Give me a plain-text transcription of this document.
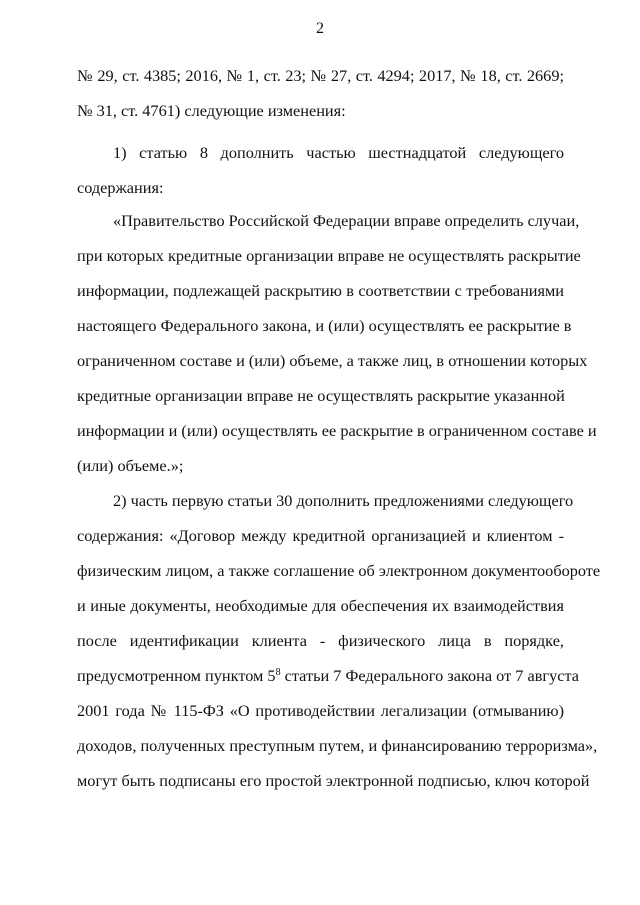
2
№ 29, ст. 4385; 2016, № 1, ст. 23; № 27, ст. 4294; 2017, № 18, ст. 2669;
№ 31, ст. 4761) следующие изменения:
1) статью 8 дополнить частью шестнадцатой следующего
содержания:
«Правительство Российской Федерации вправе определить случаи,
при которых кредитные организации вправе не осуществлять раскрытие
информации, подлежащей раскрытию в соответствии с требованиями
настоящего Федерального закона, и (или) осуществлять ее раскрытие в
ограниченном составе и (или) объеме, а также лиц, в отношении которых
кредитные организации вправе не осуществлять раскрытие указанной
информации и (или) осуществлять ее раскрытие в ограниченном составе и
(или) объеме.»;
2) часть первую статьи 30 дополнить предложениями следующего
содержания: «Договор между кредитной организацией и клиентом -
физическим лицом, а также соглашение об электронном документообороте
и иные документы, необходимые для обеспечения их взаимодействия
после идентификации клиента - физического лица в порядке,
предусмотренном пунктом $5^8$ статьи 7 Федерального закона от 7 августа
2001 года № 115-ФЗ «О противодействии легализации (отмыванию)
доходов, полученных преступным путем, и финансированию терроризма»,
могут быть подписаны его простой электронной подписью, ключ которой
